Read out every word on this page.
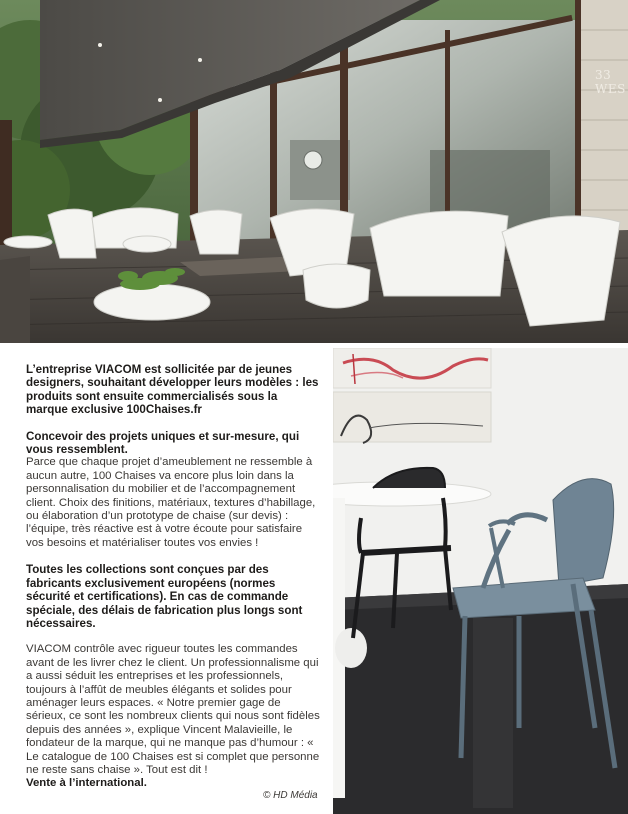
33 WES

L’entreprise VIACOM est sollicitée par de jeunes designers, souhaitant développer leurs modèles : les produits sont ensuite commercialisés sous la marque exclusive 100Chaises.fr

Concevoir des projets uniques et sur-mesure, qui vous ressemblent.
Parce que chaque projet d’ameublement ne ressemble à aucun autre, 100 Chaises va encore plus loin dans la personnalisation du mobilier et de l’accompagnement client. Choix des finitions, matériaux, textures d’habillage, ou élaboration d’un prototype de chaise (sur devis) : l’équipe, très réactive est à votre écoute pour satisfaire vos besoins et matérialiser toutes vos envies !

Toutes les collections sont conçues par des fabricants exclusivement européens (normes sécurité et certifications). En cas de commande spéciale, des délais de fabrication plus longs sont nécessaires.

VIACOM contrôle avec rigueur toutes les commandes avant de les livrer chez le client. Un professionnalisme qui a aussi séduit les entreprises et les professionnels, toujours à l’affût de meubles élégants et solides pour aménager leurs espaces. « Notre premier gage de sérieux, ce sont les nombreux clients qui nous sont fidèles depuis des années », explique Vincent Malavieille, le fondateur de la marque, qui ne manque pas d’humour : « Le catalogue de 100 Chaises est si complet que personne ne reste sans chaise ». Tout est dit !
Vente à l’international.

© HD Média
